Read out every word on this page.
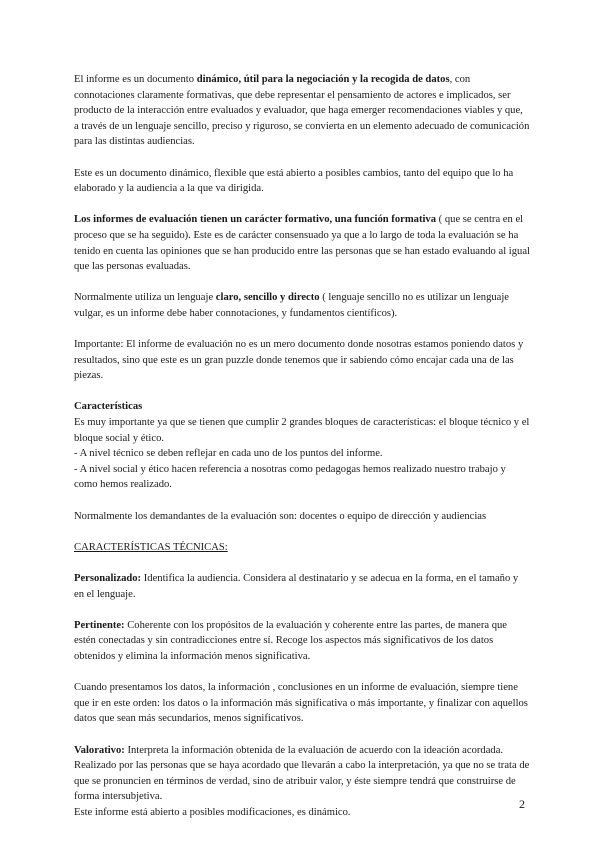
El informe es un documento dinámico, útil para la negociación y la recogida de datos, con connotaciones claramente formativas, que debe representar el pensamiento de actores e implicados, ser producto de la interacción entre evaluados y evaluador, que haga emerger recomendaciones viables y que, a través de un lenguaje sencillo, preciso y riguroso, se convierta en un elemento adecuado de comunicación para las distintas audiencias.

Este es un documento dinámico, flexible que está abierto a posibles cambios, tanto del equipo que lo ha elaborado y la audiencia a la que va dirigida.

Los informes de evaluación tienen un carácter formativo, una función formativa ( que se centra en el proceso que se ha seguido). Este es de carácter consensuado ya que a lo largo de toda la evaluación se ha tenido en cuenta las opiniones que se han producido entre las personas que se han estado evaluando al igual que las personas evaluadas.

Normalmente utiliza un lenguaje claro, sencillo y directo ( lenguaje sencillo no es utilizar un lenguaje vulgar, es un informe debe haber connotaciones, y fundamentos científicos).

Importante: El informe de evaluación no es un mero documento donde nosotras estamos poniendo datos y resultados, sino que este es un gran puzzle donde tenemos que ir sabiendo cómo encajar cada una de las piezas.

Características

Es muy importante ya que se tienen que cumplir 2 grandes bloques de características: el bloque técnico y el bloque social y ético.

- A nivel técnico se deben reflejar en cada uno de los puntos del informe.

- A nivel social y ético hacen referencia a nosotras como pedagogas hemos realizado nuestro trabajo y como hemos realizado.

Normalmente los demandantes de la evaluación son: docentes o equipo de dirección y audiencias

CARACTERÍSTICAS TÉCNICAS:

Personalizado: Identifica la audiencia. Considera al destinatario y se adecua en la forma, en el tamaño y en el lenguaje.

Pertinente: Coherente con los propósitos de la evaluación y coherente entre las partes, de manera que estén conectadas y sin contradicciones entre sí. Recoge los aspectos más significativos de los datos obtenidos y elimina la información menos significativa.

Cuando presentamos los datos, la información , conclusiones en un informe de evaluación, siempre tiene que ir en este orden: los datos o la información más significativa o más importante, y finalizar con aquellos datos que sean más secundarios, menos significativos.

Valorativo: Interpreta la información obtenida de la evaluación de acuerdo con la ideación acordada. Realizado por las personas que se haya acordado que llevarán a cabo la interpretación, ya que no se trata de que se pronuncien en términos de verdad, sino de atribuir valor, y éste siempre tendrá que construirse de forma intersubjetiva.

Este informe está abierto a posibles modificaciones, es dinámico.

2
